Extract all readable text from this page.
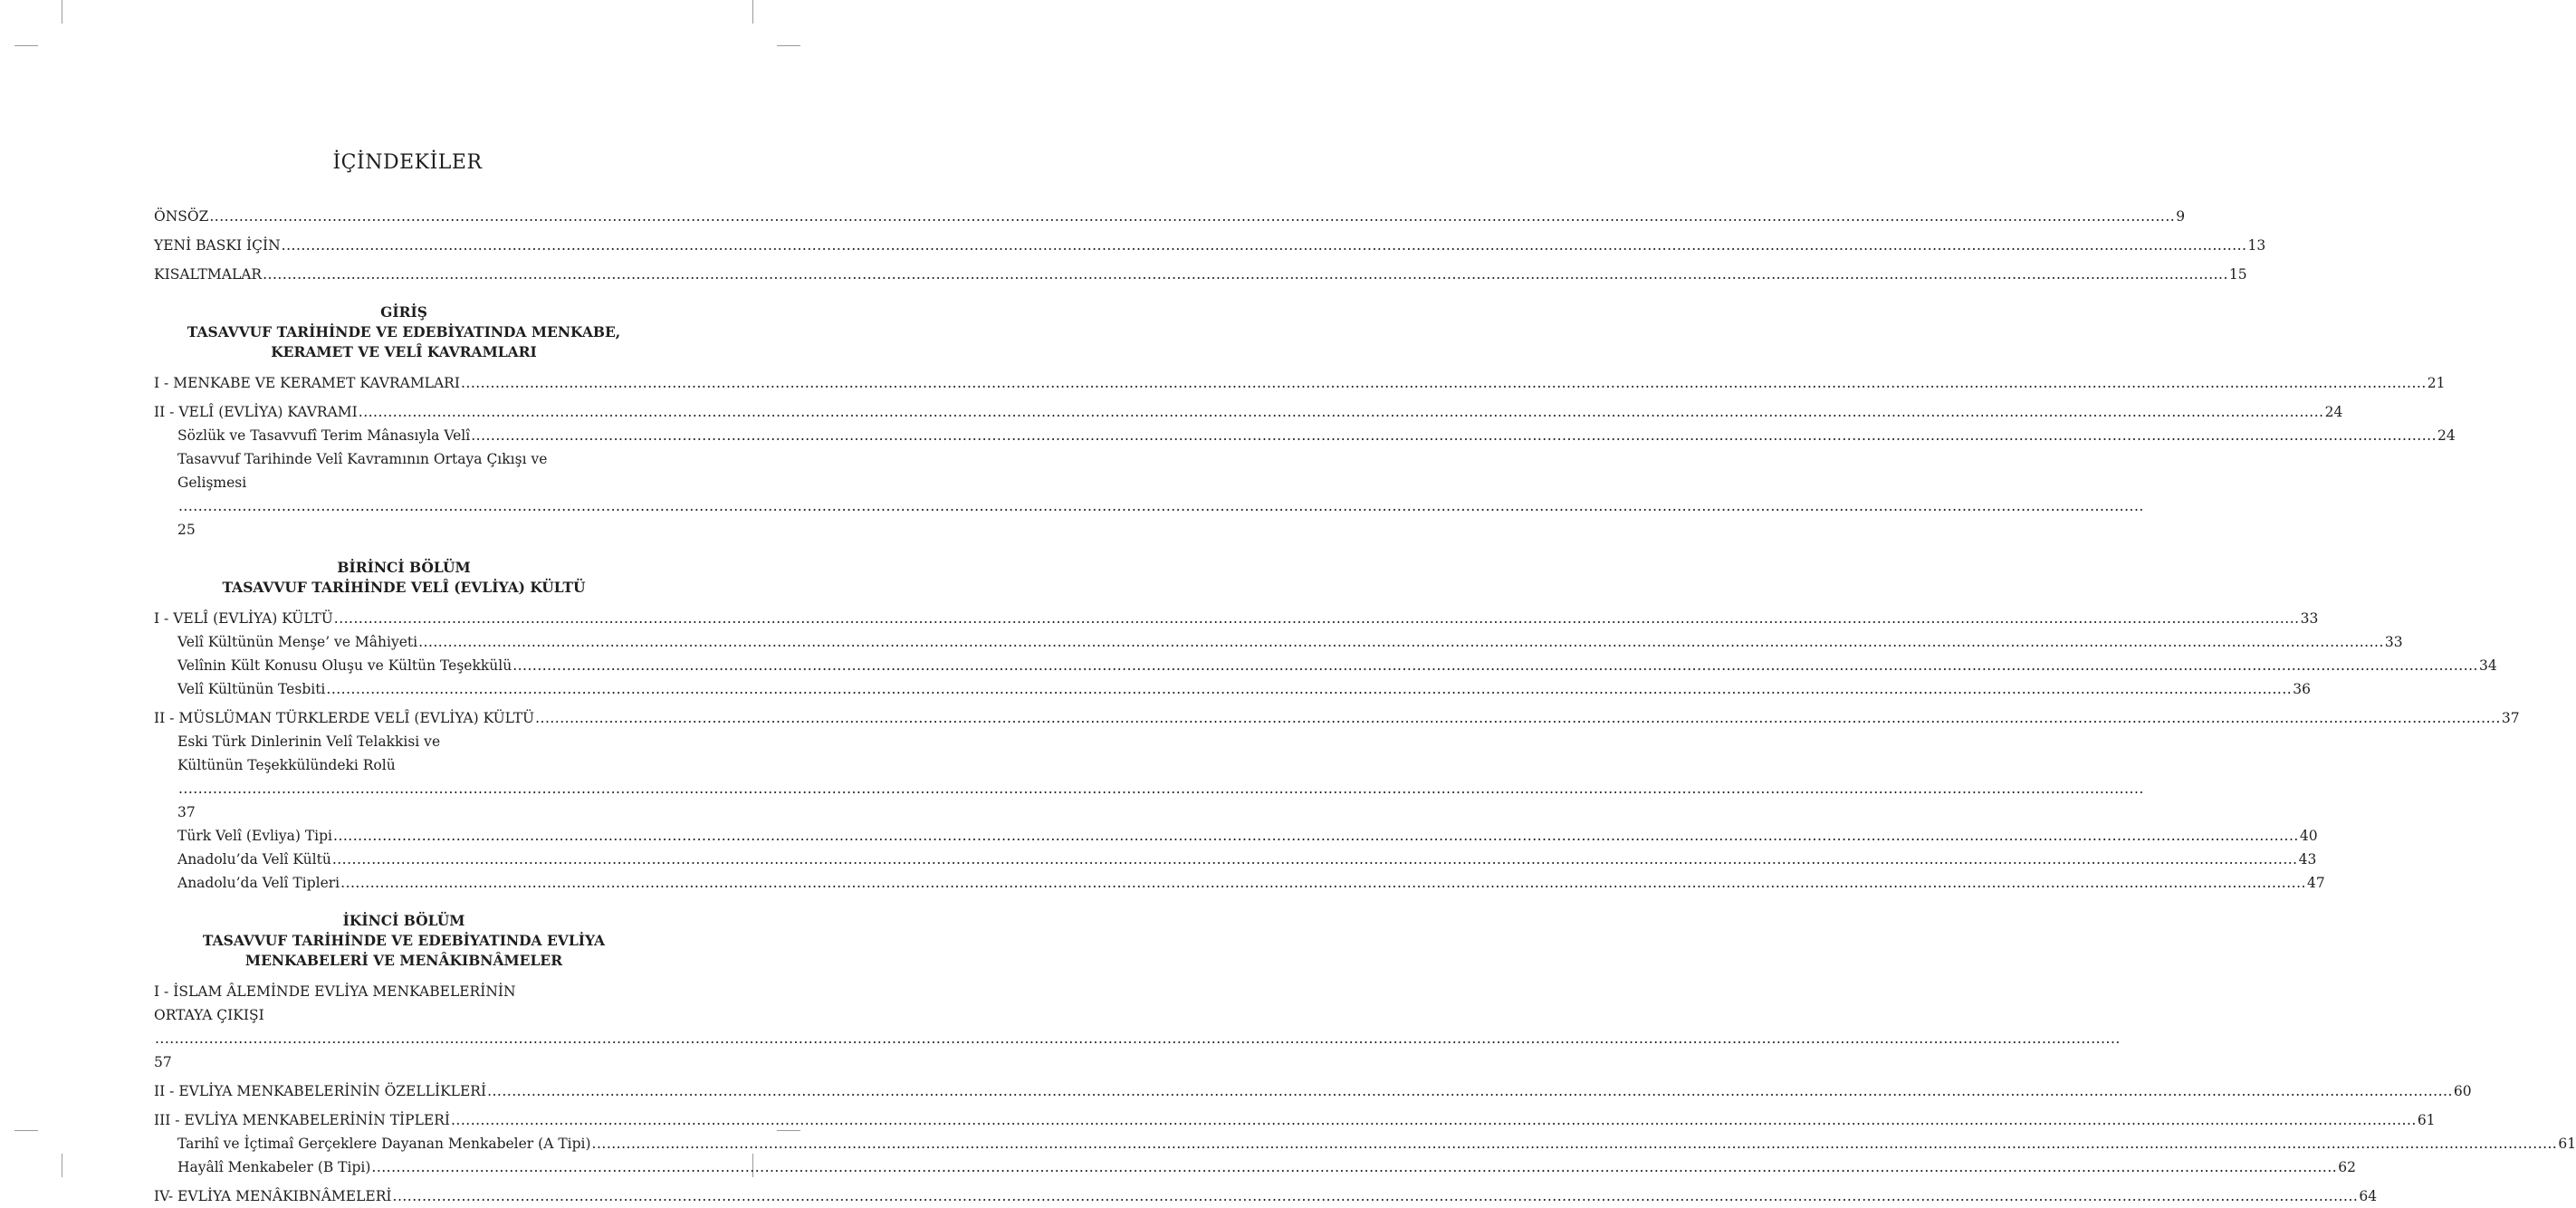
İÇİNDEKİLER
ÖNSÖZ ................................................................................................................................................................................................................................................................................................................................................................................................................ 9
YENİ BASKI İÇİN ................................................................................................................................................................................................................................................................................................................................................................................................................ 13
KISALTMALAR ................................................................................................................................................................................................................................................................................................................................................................................................................ 15
GİRİŞ
TASAVVUF TARİHİNDE VE EDEBİYATINDA MENKABE,
KERAMET VE VELÎ KAVRAMLARI
I - MENKABE VE KERAMET KAVRAMLARI ................................................................................................................................................................................................................................................................................................................................................................................................................ 21
II - VELÎ (EVLİYA) KAVRAMI ................................................................................................................................................................................................................................................................................................................................................................................................................ 24
Sözlük ve Tasavvufî Terim Mânasıyla Velî ................................................................................................................................................................................................................................................................................................................................................................................................................ 24
Tasavvuf Tarihinde Velî Kavramının Ortaya Çıkışı ve
Gelişmesi
................................................................................................................................................................................................................................................................................................................................................................................................................
25
BİRİNCİ BÖLÜM
TASAVVUF TARİHİNDE VELÎ (EVLİYA) KÜLTÜ
I - VELÎ (EVLİYA) KÜLTÜ ................................................................................................................................................................................................................................................................................................................................................................................................................ 33
Velî Kültünün Menşe’ ve Mâhiyeti ................................................................................................................................................................................................................................................................................................................................................................................................................ 33
Velînin Kült Konusu Oluşu ve Kültün Teşekkülü ................................................................................................................................................................................................................................................................................................................................................................................................................ 34
Velî Kültünün Tesbiti ................................................................................................................................................................................................................................................................................................................................................................................................................ 36
II - MÜSLÜMAN TÜRKLERDE VELÎ (EVLİYA) KÜLTÜ ................................................................................................................................................................................................................................................................................................................................................................................................................ 37
Eski Türk Dinlerinin Velî Telakkisi ve
Kültünün Teşekkülündeki Rolü
................................................................................................................................................................................................................................................................................................................................................................................................................
37
Türk Velî (Evliya) Tipi ................................................................................................................................................................................................................................................................................................................................................................................................................ 40
Anadolu’da Velî Kültü ................................................................................................................................................................................................................................................................................................................................................................................................................ 43
Anadolu’da Velî Tipleri ................................................................................................................................................................................................................................................................................................................................................................................................................ 47
İKİNCİ BÖLÜM
TASAVVUF TARİHİNDE VE EDEBİYATINDA EVLİYA
MENKABELERİ VE MENÂKIBNÂMELER
I - İSLAM ÂLEMİNDE EVLİYA MENKABELERİNİN
ORTAYA ÇIKIŞI
................................................................................................................................................................................................................................................................................................................................................................................................................
57
II - EVLİYA MENKABELERİNİN ÖZELLİKLERİ ................................................................................................................................................................................................................................................................................................................................................................................................................ 60
III - EVLİYA MENKABELERİNİN TİPLERİ ................................................................................................................................................................................................................................................................................................................................................................................................................ 61
Tarihî ve İçtimaî Gerçeklere Dayanan Menkabeler (A Tipi) ................................................................................................................................................................................................................................................................................................................................................................................................................ 61
Hayâlî Menkabeler (B Tipi) ................................................................................................................................................................................................................................................................................................................................................................................................................ 62
IV- EVLİYA MENÂKIBNÂMELERİ ................................................................................................................................................................................................................................................................................................................................................................................................................ 64
